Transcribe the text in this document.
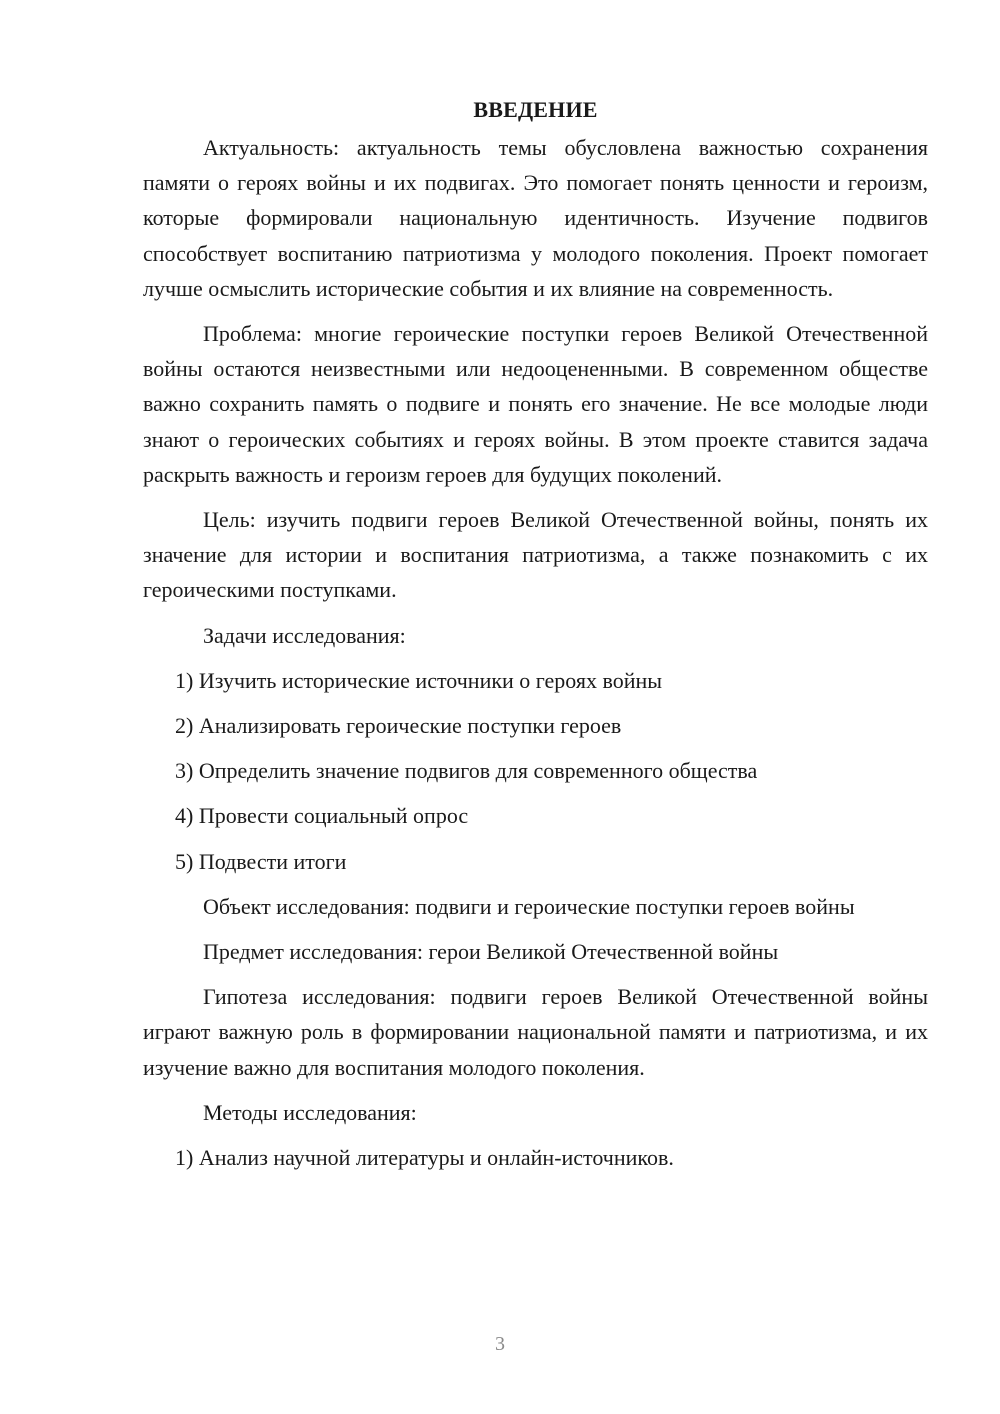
ВВЕДЕНИЕ

Актуальность: актуальность темы обусловлена важностью сохранения памяти о героях войны и их подвигах. Это помогает понять ценности и героизм, которые формировали национальную идентичность. Изучение подвигов способствует воспитанию патриотизма у молодого поколения. Проект помогает лучше осмыслить исторические события и их влияние на современность.

Проблема: многие героические поступки героев Великой Отечественной войны остаются неизвестными или недооцененными. В современном обществе важно сохранить память о подвиге и понять его значение. Не все молодые люди знают о героических событиях и героях войны. В этом проекте ставится задача раскрыть важность и героизм героев для будущих поколений.

Цель: изучить подвиги героев Великой Отечественной войны, понять их значение для истории и воспитания патриотизма, а также познакомить с их героическими поступками.

Задачи исследования:

1) Изучить исторические источники о героях войны
2) Анализировать героические поступки героев
3) Определить значение подвигов для современного общества
4) Провести социальный опрос
5) Подвести итоги

Объект исследования: подвиги и героические поступки героев войны

Предмет исследования: герои Великой Отечественной войны

Гипотеза исследования: подвиги героев Великой Отечественной войны играют важную роль в формировании национальной памяти и патриотизма, и их изучение важно для воспитания молодого поколения.

Методы исследования:

1) Анализ научной литературы и онлайн-источников.
3
